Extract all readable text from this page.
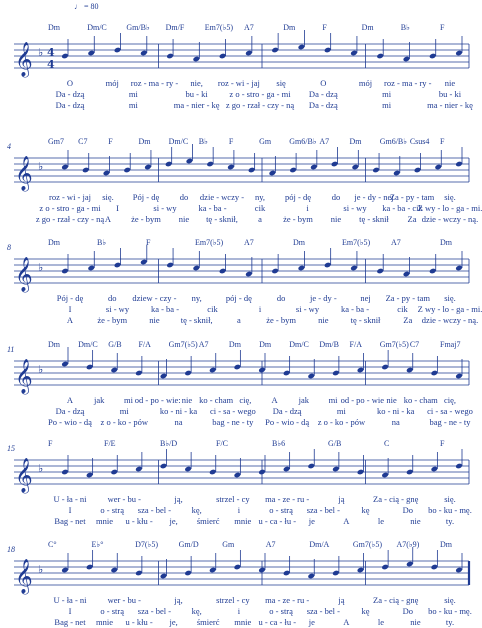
♩ = 80
Dm	Dm/C Gm/B♭ Dm/F	Em7(♭5) A7	Dm	F	Dm	B♭	F
𝄞 ♭ 4
4
O	mój roz - ma - ry - nie, roz - wi - jaj się	O	mój roz - ma - ry - nie
Da - dzą	mi	bu - ki	z o - stro - ga - mi Da - dzą	mi	bu - ki
Da - dzą	mi	ma - nier - kę z go - rzał - czy - ną Da - dzą	mi	ma - nier - kę
4
Gm7 C7	F	Dm Dm/C B♭	F	Gm Gm6/B♭ A7	Dm Gm6/B♭ Csus4 F
𝄞 ♭
roz - wi - jaj się. Pój - dę do dzie - wczy - ny, pój - dę do je - dy - nej
Za - py - tam się.
z o - stro - ga - mi I	si - wy	ka - ba -	cik	i	si - wy ka - ba - cik
Z wy - lo - ga - mi.
z go - rzał - czy - ną A że - bym nie tę - sknił, a że - bym nie tę - sknił Za dzie - wczy - ną.
8
Dm	B♭	F	Em7(♭5)	A7	Dm	Em7(♭5)	A7	Dm
𝄞 ♭
Pój - dę	do dziew - czy - ny,	pój - dę	do	je - dy -	nej Za - py - tam się.
I	si - wy	ka - ba -	cik	i	si - wy	ka - ba -	cik Z wy - lo - ga - mi.
A	że - bym	nie tę - sknił,	a	że - bym	nie	tę - sknił	Za dzie - wczy - ną.
11
Dm Dm/C G/B F/A Gm7(♭5) A7	Dm Dm Dm/C Dm/B F/A Gm7(♭5) C7	Fmaj7
𝄞 ♭
A jak mi od - po - wie: nie ko - cham cię, A jak mi od - po - wie nie ko - cham cię,
Da - dzą	mi	ko - ni - ka ci - sa - wego Da - dzą	mi	ko - ni - ka ci - sa - wego
Po - wio - dą z o - ko - pów	na	bag - ne - ty Po - wio - dą z o - ko - pów	na	bag - ne - ty
15
F	F/E	B♭/D	F/C	B♭6	G/B	C	F
𝄞 ♭
U - ła - ni wer - bu -	ją,	strzel - cy ma - ze - ru -	ją	Za - cią - gnę	się.
I	o - strą sza - bel - kę,	i	o - strą sza - bel -	kę	Do bo - ku - mę.
Bag - net mnie u - kłu - je, śmierć mnie u - ca - łu - je	A	le	nie	ty.
18
C°	E♭°	D7(♭5)	Gm/D	Gm	A7	Dm/A	Gm7(♭5) A7(♭9)	Dm
𝄞 ♭
U - ła - ni wer - bu -	ją,	strzel - cy ma - ze - ru -	ją	Za - cią - gnę	się.
I	o - strą sza - bel - kę,	i	o - strą sza - bel -	kę	Do bo - ku - mę.
Bag - net mnie u - kłu - je, śmierć mnie u - ca - łu - je	A	le	nie	ty.
